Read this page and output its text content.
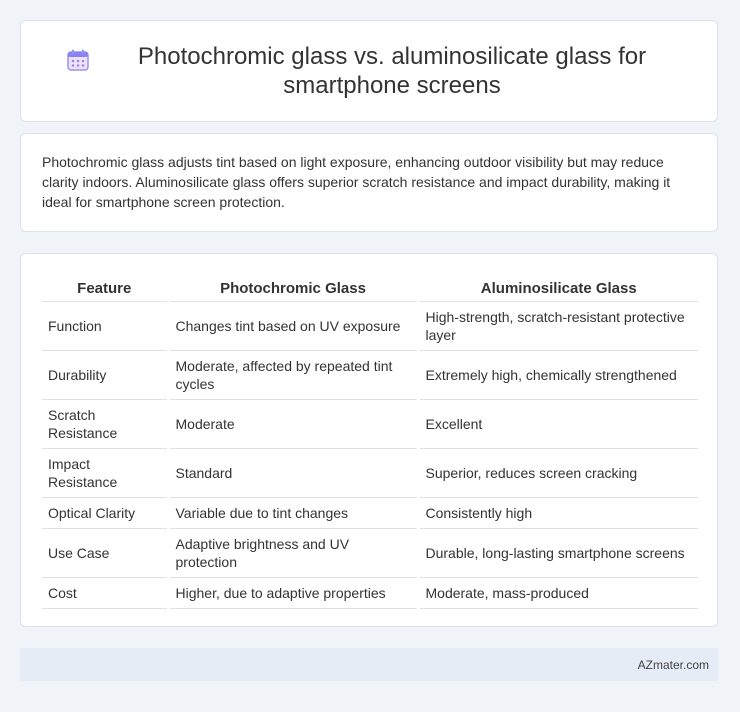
Photochromic glass vs. aluminosilicate glass for smartphone screens

Photochromic glass adjusts tint based on light exposure, enhancing outdoor visibility but may reduce clarity indoors. Aluminosilicate glass offers superior scratch resistance and impact durability, making it ideal for smartphone screen protection.

Feature	Photochromic Glass	Aluminosilicate Glass
Function	Changes tint based on UV exposure	High-strength, scratch-resistant protective layer
Durability	Moderate, affected by repeated tint cycles	Extremely high, chemically strengthened
Scratch Resistance	Moderate	Excellent
Impact Resistance	Standard	Superior, reduces screen cracking
Optical Clarity	Variable due to tint changes	Consistently high
Use Case	Adaptive brightness and UV protection	Durable, long-lasting smartphone screens
Cost	Higher, due to adaptive properties	Moderate, mass-produced
AZmater.com
